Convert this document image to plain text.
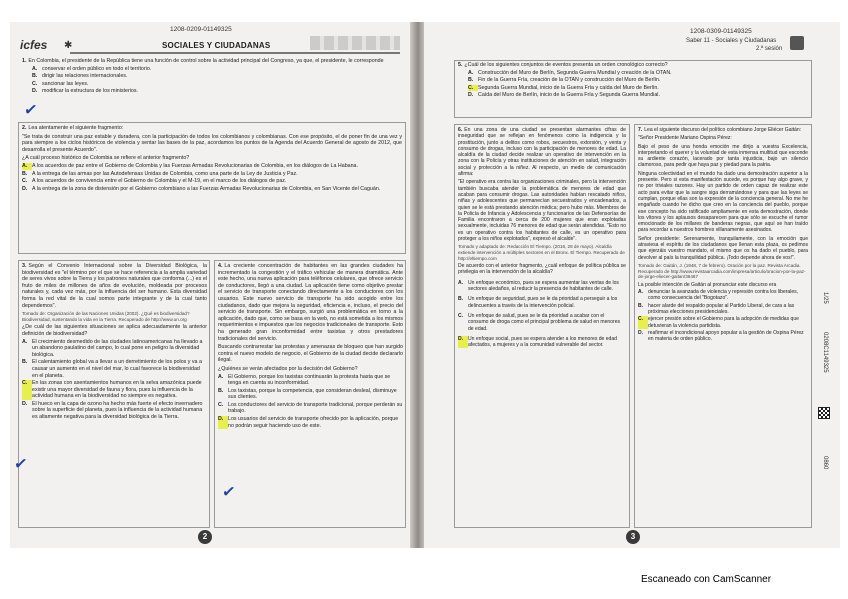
1208-0209-01149325
icfes ✱	SOCIALES Y CIUDADANAS
1. En Colombia, el presidente de la República tiene una función de control sobre la actividad principal del Congreso, ya que, el presidente, le corresponde
A. conservar el orden público en todo el territorio.
B. dirigir las relaciones internacionales.
C. sancionar las leyes.
D. modificar la estructura de los ministerios.
✓
2. Lea atentamente el siguiente fragmento:
"Se trata de construir una paz estable y duradera, con la participación de todos los colombianos y colombianas. Con ese propósito, el de poner fin de una vez y para siempre a los ciclos históricos de violencia y sentar las bases de la paz, acordamos los puntos de la Agenda del Acuerdo General de agosto de 2012, que desarrolla el presente Acuerdo".
¿A cuál proceso histórico de Colombia se refiere el anterior fragmento?
A. A los acuerdos de paz entre el Gobierno de Colombia y las Fuerzas Armadas Revolucionarias de Colombia, en los diálogos de La Habana.
B. A la entrega de las armas por las Autodefensas Unidas de Colombia, como una parte de la Ley de Justicia y Paz.
C. A los acuerdos de convivencia entre el Gobierno de Colombia y el M-19, en el marco de los diálogos de paz.
D. A la entrega de la zona de distensión por el Gobierno colombiano a las Fuerzas Armadas Revolucionarias de Colombia, en San Vicente del Caguán.
3. Según el Convenio Internacional sobre la Diversidad Biológica, la biodiversidad es "el término por el que se hace referencia a la amplia variedad de seres vivos sobre la Tierra y los patrones naturales que conforma (...) es el fruto de miles de millones de años de evolución, moldeada por procesos naturales y, cada vez más, por la influencia del ser humano. Esta diversidad forma la red vital de la cual somos parte integrante y de la cual tanto dependemos".
Tomado de: Organización de las Naciones Unidas (2002). ¿Qué es biodiversidad? Biodiversidad, sustentando la vida en la Tierra. Recuperado de http://www.un.org
¿De cuál de las siguientes situaciones se aplica adecuadamente la anterior definición de biodiversidad?
A. El crecimiento desmedido de las ciudades latinoamericanas ha llevado a un abandono paulatino del campo, lo cual pone en peligro la diversidad biológica.
B. El calentamiento global va a llevar a un derretimiento de los polos y va a causar un aumento en el nivel del mar, lo cual favorece la biodiversidad en el planeta.
C. En las zonas con asentamientos humanos en la selva amazónica puede existir una mayor diversidad de fauna y flora, pues la influencia de la actividad humana en la biodiversidad no siempre es negativa.
D. El hueco en la capa de ozono ha hecho más fuerte el efecto invernadero sobre la superficie del planeta, pues la influencia de la actividad humana es altamente negativa para la diversidad biológica de la Tierra.
✓
4. La creciente concentración de habitantes en las grandes ciudades ha incrementado la congestión y el tráfico vehicular de manera dramática. Ante este hecho, una nueva aplicación para teléfonos celulares, que ofrece servicio de conductores, llegó a una ciudad. La aplicación tiene como objetivo prestar el servicio de transporte conectando directamente a los conductores con los usuarios. Este nuevo servicio de transporte ha sido acogido entre los ciudadanos, dado que mejora la seguridad, eficiencia e, incluso, el precio del servicio de transporte. Sin embargo, surgió una problemática en torno a la aplicación, dado que, como se basa en la web, no está sometida a los mismos requerimientos e impuestos que los negocios tradicionales de transporte. Esto ha generado gran inconformidad entre taxistas y otros prestadores tradicionales del servicio.
Buscando contrarrestar las protestas y amenazas de bloqueo que han surgido contra el nuevo modelo de negocio, el Gobierno de la ciudad decide declararlo ilegal.
¿Quiénes se verán afectados por la decisión del Gobierno?
A. El Gobierno, porque los taxistas continuarán la protesta hasta que se tenga en cuenta su inconformidad.
B. Los taxistas, porque la competencia, que consideran desleal, disminuye sus clientes.
C. Los conductores del servicio de transporte tradicional, porque perderán su trabajo.
D. Los usuarios del servicio de transporte ofrecido por la aplicación, porque no podrán seguir haciendo uso de este.
✓
2
1208-0309-01149325
Saber 11 - Sociales y Ciudadanas
2.ª sesión
5. ¿Cuál de los siguientes conjuntos de eventos presenta un orden cronológico correcto?
A. Construcción del Muro de Berlín, Segunda Guerra Mundial y creación de la OTAN.
B. Fin de la Guerra Fría, creación de la OTAN y construcción del Muro de Berlín.
C. Segunda Guerra Mundial, inicio de la Guerra Fría y caída del Muro de Berlín.
D. Caída del Muro de Berlín, inicio de la Guerra Fría y Segunda Guerra Mundial.
6. En una zona de una ciudad se presentan alarmantes cifras de inseguridad que se reflejan en fenómenos como la indigencia y la prostitución, junto a delitos como robos, secuestros, extorsión, y venta y consumo de drogas, incluso con la participación de menores de edad. La alcaldía de la ciudad decide realizar un operativo de intervención en la zona con la Policía y otras instituciones de atención en salud, integración social y protección a la niñez. Al respecto, un medio de comunicación afirma:
"El operativo era contra las organizaciones criminales, pero la intervención también buscaba atender la problemática de menores de edad que acaban para consumir drogas. Las autoridades habían rescatado niños, niñas y adolescentes que permanecían secuestrados y encadenados, a quien se le está prestando atención médica; pero hubo más. Miembros de la Policía de Infancia y Adolescencia y funcionarios de las Defensorías de Familia encontraron a cerca de 200 mujeres que eran explotadas sexualmente, incluidas 76 menores de edad que serán atendidas. "Esto no es un operativo contra los habitantes de calle, es un operativo para proteger a los niños explotados", expresó el alcalde".
Tomado y adaptado de: Redacción El Tiempo. (2016, 28 de mayo). Alcaldía extiende intervención a múltiples sectores en el Bronx. El Tiempo. Recuperado de http://eltiempo.com
De acuerdo con el anterior fragmento, ¿cuál enfoque de política pública se privilegia en la intervención de la alcaldía?
A. Un enfoque económico, pues se espera aumentar las ventas de los sectores aledaños, al reducir la presencia de habitantes de calle.
B. Un enfoque de seguridad, pues se le da prioridad a perseguir a los delincuentes a través de la intervención policial.
C. Un enfoque de salud, pues se le da prioridad a acabar con el consumo de droga como el principal problema de salud en menores de edad.
D. Un enfoque social, pues se espera atender a los menores de edad afectados, a mujeres y a la comunidad vulnerable del sector.
7. Lea el siguiente discurso del político colombiano Jorge Eliécer Gaitán:
"Señor Presidente Mariano Ospina Pérez:
Bajo el peso de una honda emoción me dirijo a vuestra Excelencia, interpretando el querer y la voluntad de esta inmensa multitud que esconde su ardiente corazón, lacerado por tanta injusticia, bajo un silencio clamoroso, para pedir que haya paz y piedad para la patria.
Ninguna colectividad en el mundo ha dado una demostración superior a la presente. Pero si esta manifestación sucede, es porque hay algo grave, y no por triviales razones. Hay un partido de orden capaz de realizar este acto para evitar que la sangre siga derramándose y para que las leyes se cumplan, porque ellas son la expresión de la conciencia general. No me he engañado cuando he dicho que creo en la conciencia del pueblo, porque ese concepto ha sido ratificado ampliamente en esta demostración, donde los vítores y los aplausos desaparecen para que sólo se escuche el rumor emocionado de los millares de banderas negras, que aquí se han traído para recordar a nuestros hombres villanamente asesinados.
Señor presidente: Serenamente, tranquilamente, con la emoción que atraviesa el espíritu de los ciudadanos que llenan esta plaza, os pedimos que ejerzáis vuestro mandato, el mismo que os ha dado el pueblo, para devolver al país la tranquilidad pública. ¡Todo depende ahora de vos!".
Tomado de: Gaitán, J. (1948, 7 de febrero). Oración por la paz. Revista Arcadia. Recuperado de http://www.revistaarcadia.com/impresa/articulo/oracion-por-la-paz-de-jorge-eliecer-gaitan/36467
La posible intención de Gaitán al pronunciar este discurso era
A. denunciar la avanzada de violencia y represión contra los liberales, como consecuencia del "Bogotazo".
B. hacer alarde del respaldo popular al Partido Liberal, de cara a las próximas elecciones presidenciales.
C. ejercer presión sobre el Gobierno para la adopción de medidas que detuvieran la violencia partidista.
D. reafirmar el incondicional apoyo popular a la gestión de Ospina Pérez en materia de orden público.
1/25
0208C1149325
0860
3
Escaneado con CamScanner
